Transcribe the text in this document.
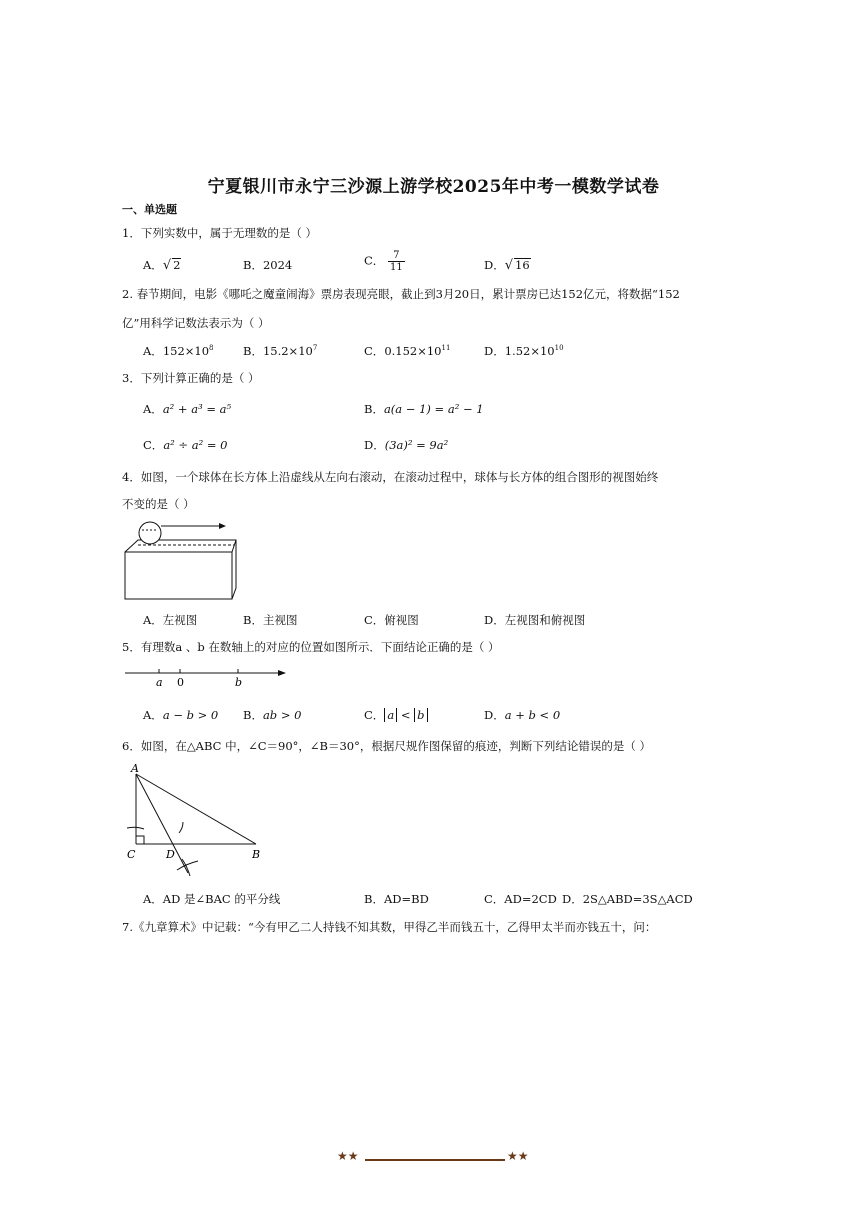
宁夏银川市永宁三沙源上游学校2025年中考一模数学试卷
一、单选题
1．下列实数中，属于无理数的是（ ）
A．√ 2	B．2024	C． $\frac{7}{11}$	D．√ 16
2. 春节期间，电影《哪吒之魔童闹海》票房表现亮眼，截止到3月20日，累计票房已达152亿元，将数据“152
亿”用科学记数法表示为（ ）
A．$152\times 10^8$	B．$15.2\times 10^7$	C．$0.152\times 10^{11}$	D．$1.52\times 10^{10}$
3．下列计算正确的是（ ）
A．a² + a³ = a⁵	B．a(a − 1) = a² − 1
C．a² ÷ a² = 0	D．(3a)² = 9a²
4．如图，一个球体在长方体上沿虚线从左向右滚动，在滚动过程中，球体与长方体的组合图形的视图始终
不变的是（ ）
A．左视图	B．主视图	C．俯视图	D．左视图和俯视图
5．有理数a 、b 在数轴上的对应的位置如图所示．下面结论正确的是（ ）
a 0	b
A．a − b > 0 B．ab > 0	C． a < b	D．a + b < 0
6．如图，在△ABC 中，∠C＝90°，∠B＝30°，根据尺规作图保留的痕迹，判断下列结论错误的是（ ）
A
C	D	B
A．AD 是∠BAC 的平分线	B．AD=BD	C．AD=2CD D．2S△ABD=3S△ACD
7.《九章算术》中记载：“今有甲乙二人持钱不知其数，甲得乙半而钱五十，乙得甲太半而亦钱五十，问：
★★	★★
